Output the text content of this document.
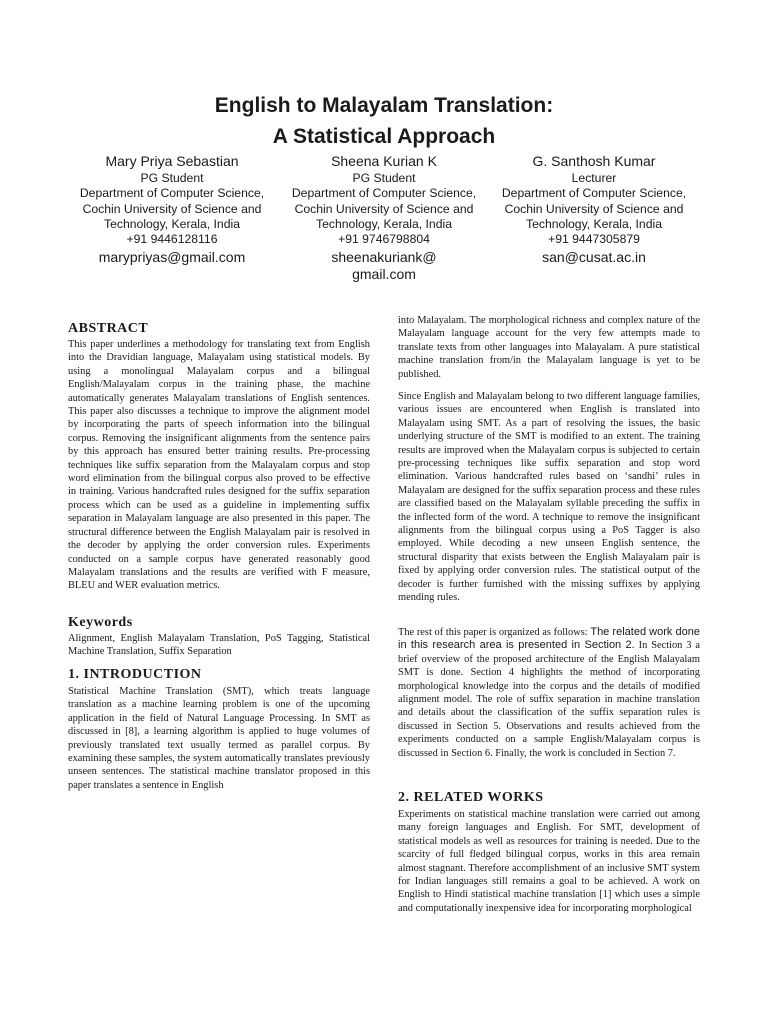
English to Malayalam Translation:
A Statistical Approach
Mary Priya Sebastian
PG Student
Department of Computer Science,
Cochin University of Science and
Technology, Kerala, India
+91 9446128116
marypriyas@gmail.com
Sheena Kurian K
PG Student
Department of Computer Science,
Cochin University of Science and
Technology, Kerala, India
+91 9746798804
sheenakuriank@
gmail.com
G. Santhosh Kumar
Lecturer
Department of Computer Science,
Cochin University of Science and
Technology, Kerala, India
+91 9447305879
san@cusat.ac.in
ABSTRACT

This paper underlines a methodology for translating text from English into the Dravidian language, Malayalam using statistical models. By using a monolingual Malayalam corpus and a bilingual English/Malayalam corpus in the training phase, the machine automatically generates Malayalam translations of English sentences. This paper also discusses a technique to improve the alignment model by incorporating the parts of speech information into the bilingual corpus. Removing the insignificant alignments from the sentence pairs by this approach has ensured better training results. Pre-processing techniques like suffix separation from the Malayalam corpus and stop word elimination from the bilingual corpus also proved to be effective in training. Various handcrafted rules designed for the suffix separation process which can be used as a guideline in implementing suffix separation in Malayalam language are also presented in this paper. The structural difference between the English Malayalam pair is resolved in the decoder by applying the order conversion rules. Experiments conducted on a sample corpus have generated reasonably good Malayalam translations and the results are verified with F measure, BLEU and WER evaluation metrics.

Keywords

Alignment, English Malayalam Translation, PoS Tagging, Statistical Machine Translation, Suffix Separation

1. INTRODUCTION

Statistical Machine Translation (SMT), which treats language translation as a machine learning problem is one of the upcoming application in the field of Natural Language Processing. In SMT as discussed in [8], a learning algorithm is applied to huge volumes of previously translated text usually termed as parallel corpus. By examining these samples, the system automatically translates previously unseen sentences. The statistical machine translator proposed in this paper translates a sentence in English

into Malayalam. The morphological richness and complex nature of the Malayalam language account for the very few attempts made to translate texts from other languages into Malayalam. A pure statistical machine translation from/in the Malayalam language is yet to be published.

Since English and Malayalam belong to two different language families, various issues are encountered when English is translated into Malayalam using SMT. As a part of resolving the issues, the basic underlying structure of the SMT is modified to an extent. The training results are improved when the Malayalam corpus is subjected to certain pre-processing techniques like suffix separation and stop word elimination. Various handcrafted rules based on ‘sandhi’ rules in Malayalam are designed for the suffix separation process and these rules are classified based on the Malayalam syllable preceding the suffix in the inflected form of the word. A technique to remove the insignificant alignments from the bilingual corpus using a PoS Tagger is also employed. While decoding a new unseen English sentence, the structural disparity that exists between the English Malayalam pair is fixed by applying order conversion rules. The statistical output of the decoder is further furnished with the missing suffixes by applying mending rules.

The rest of this paper is organized as follows: The related work done in this research area is presented in Section 2. In Section 3 a brief overview of the proposed architecture of the English Malayalam SMT is done. Section 4 highlights the method of incorporating morphological knowledge into the corpus and the details of modified alignment model. The role of suffix separation in machine translation and details about the classification of the suffix separation rules is discussed in Section 5. Observations and results achieved from the experiments conducted on a sample English/Malayalam corpus is discussed in Section 6. Finally, the work is concluded in Section 7.

2. RELATED WORKS

Experiments on statistical machine translation were carried out among many foreign languages and English. For SMT, development of statistical models as well as resources for training is needed. Due to the scarcity of full fledged bilingual corpus, works in this area remain almost stagnant. Therefore accomplishment of an inclusive SMT system for Indian languages still remains a goal to be achieved. A work on English to Hindi statistical machine translation [1] which uses a simple and computationally inexpensive idea for incorporating morphological
